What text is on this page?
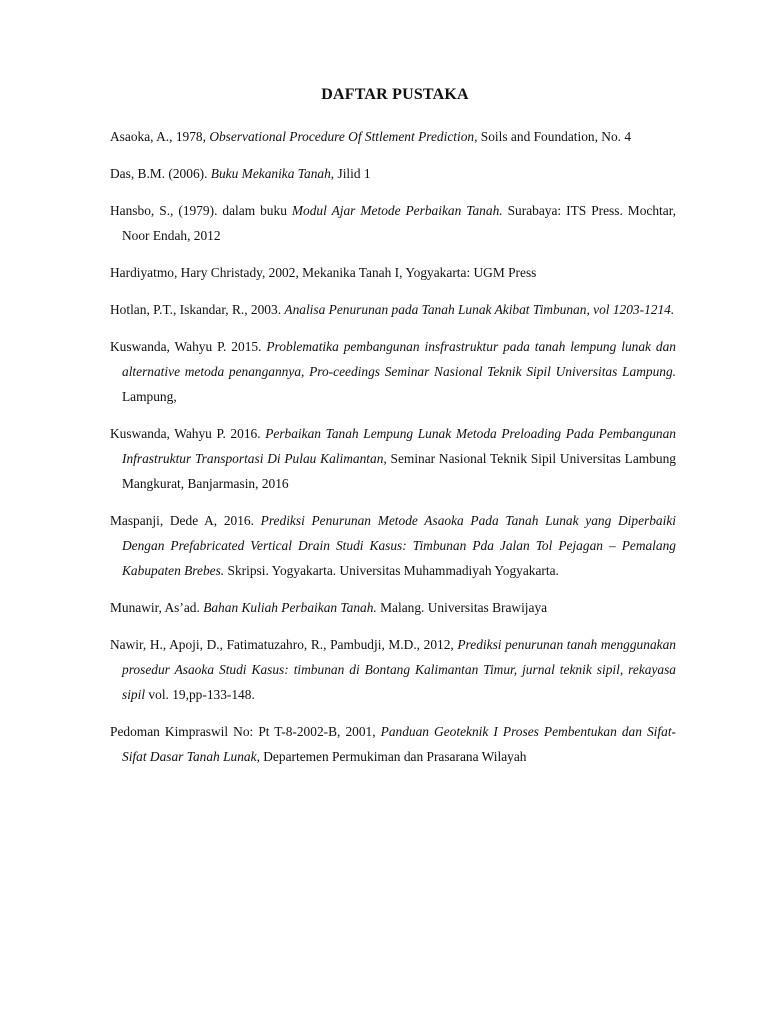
DAFTAR PUSTAKA

Asaoka, A., 1978, Observational Procedure Of Sttlement Prediction, Soils and Foundation, No. 4

Das, B.M. (2006). Buku Mekanika Tanah, Jilid 1

Hansbo, S., (1979). dalam buku Modul Ajar Metode Perbaikan Tanah. Surabaya: ITS Press. Mochtar, Noor Endah, 2012

Hardiyatmo, Hary Christady, 2002, Mekanika Tanah I, Yogyakarta: UGM Press

Hotlan, P.T., Iskandar, R., 2003. Analisa Penurunan pada Tanah Lunak Akibat Timbunan, vol 1203-1214.

Kuswanda, Wahyu P. 2015. Problematika pembangunan insfrastruktur pada tanah lempung lunak dan alternative metoda penangannya, Pro-ceedings Seminar Nasional Teknik Sipil Universitas Lampung. Lampung,

Kuswanda, Wahyu P. 2016. Perbaikan Tanah Lempung Lunak Metoda Preloading Pada Pembangunan Infrastruktur Transportasi Di Pulau Kalimantan, Seminar Nasional Teknik Sipil Universitas Lambung Mangkurat, Banjarmasin, 2016

Maspanji, Dede A, 2016. Prediksi Penurunan Metode Asaoka Pada Tanah Lunak yang Diperbaiki Dengan Prefabricated Vertical Drain Studi Kasus: Timbunan Pda Jalan Tol Pejagan – Pemalang Kabupaten Brebes. Skripsi. Yogyakarta. Universitas Muhammadiyah Yogyakarta.

Munawir, As’ad. Bahan Kuliah Perbaikan Tanah. Malang. Universitas Brawijaya

Nawir, H., Apoji, D., Fatimatuzahro, R., Pambudji, M.D., 2012, Prediksi penurunan tanah menggunakan prosedur Asaoka Studi Kasus: timbunan di Bontang Kalimantan Timur, jurnal teknik sipil, rekayasa sipil vol. 19,pp-133-148.

Pedoman Kimpraswil No: Pt T-8-2002-B, 2001, Panduan Geoteknik I Proses Pembentukan dan Sifat-Sifat Dasar Tanah Lunak, Departemen Permukiman dan Prasarana Wilayah
